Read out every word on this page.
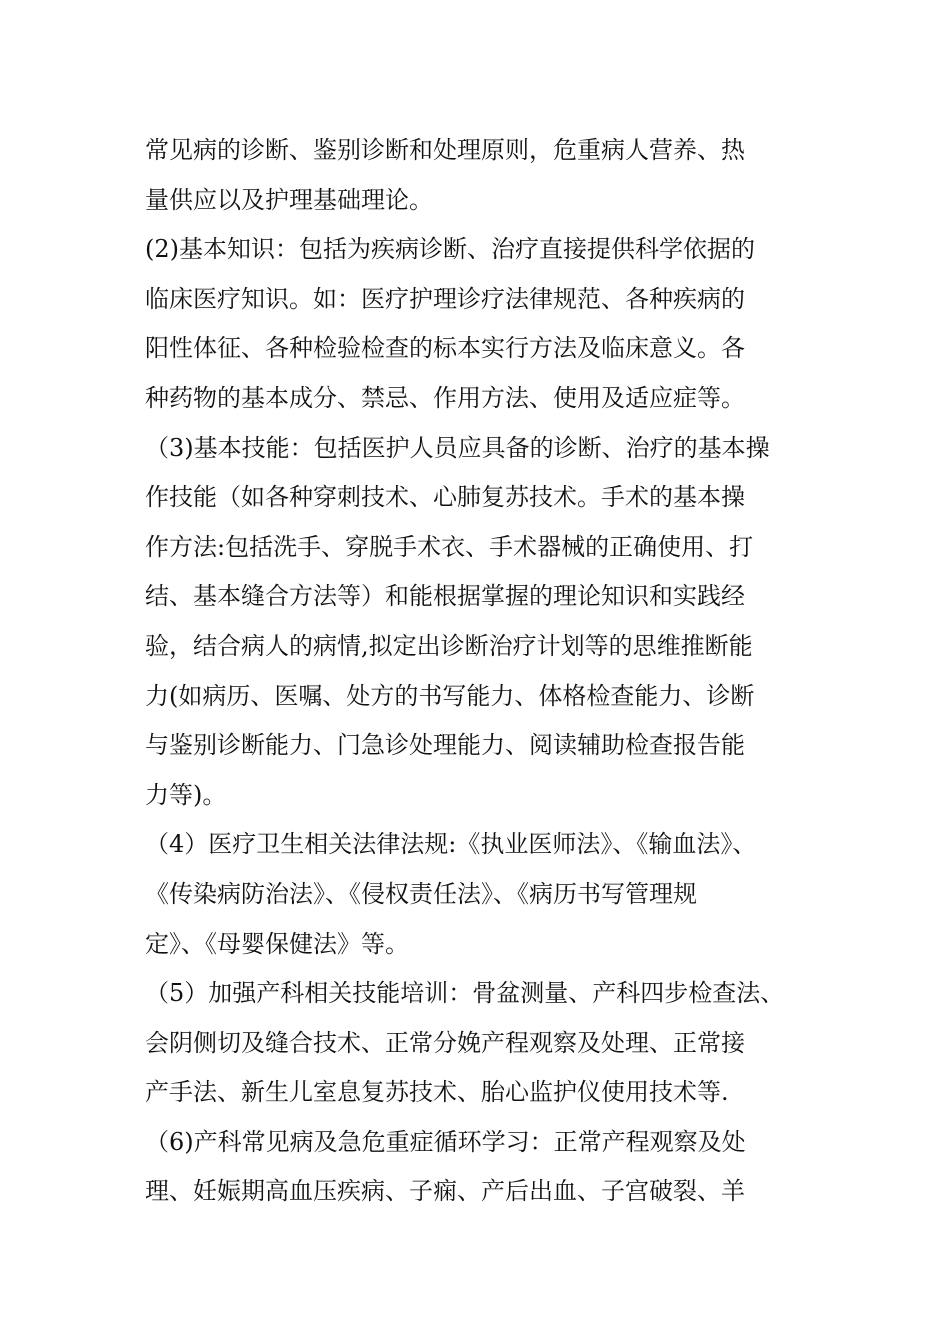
常见病的诊断、鉴别诊断和处理原则，危重病人营养、热
量供应以及护理基础理论。
(2)基本知识：包括为疾病诊断、治疗直接提供科学依据的
临床医疗知识。如：医疗护理诊疗法律规范、各种疾病的
阳性体征、各种检验检查的标本实行方法及临床意义。各
种药物的基本成分、禁忌、作用方法、使用及适应症等。
（3)基本技能：包括医护人员应具备的诊断、治疗的基本操
作技能（如各种穿刺技术、心肺复苏技术。手术的基本操
作方法:包括洗手、穿脱手术衣、手术器械的正确使用、打
结、基本缝合方法等）和能根据掌握的理论知识和实践经
验，结合病人的病情,拟定出诊断治疗计划等的思维推断能
力(如病历、医嘱、处方的书写能力、体格检查能力、诊断
与鉴别诊断能力、门急诊处理能力、阅读辅助检查报告能
力等)。
（4）医疗卫生相关法律法规:《执业医师法》、《输血法》、
《传染病防治法》、《侵权责任法》、《病历书写管理规
定》、《母婴保健法》等。
（5）加强产科相关技能培训：骨盆测量、产科四步检查法、
会阴侧切及缝合技术、正常分娩产程观察及处理、正常接
产手法、新生儿室息复苏技术、胎心监护仪使用技术等.
（6)产科常见病及急危重症循环学习：正常产程观察及处
理、妊娠期高血压疾病、子痫、产后出血、子宫破裂、羊
